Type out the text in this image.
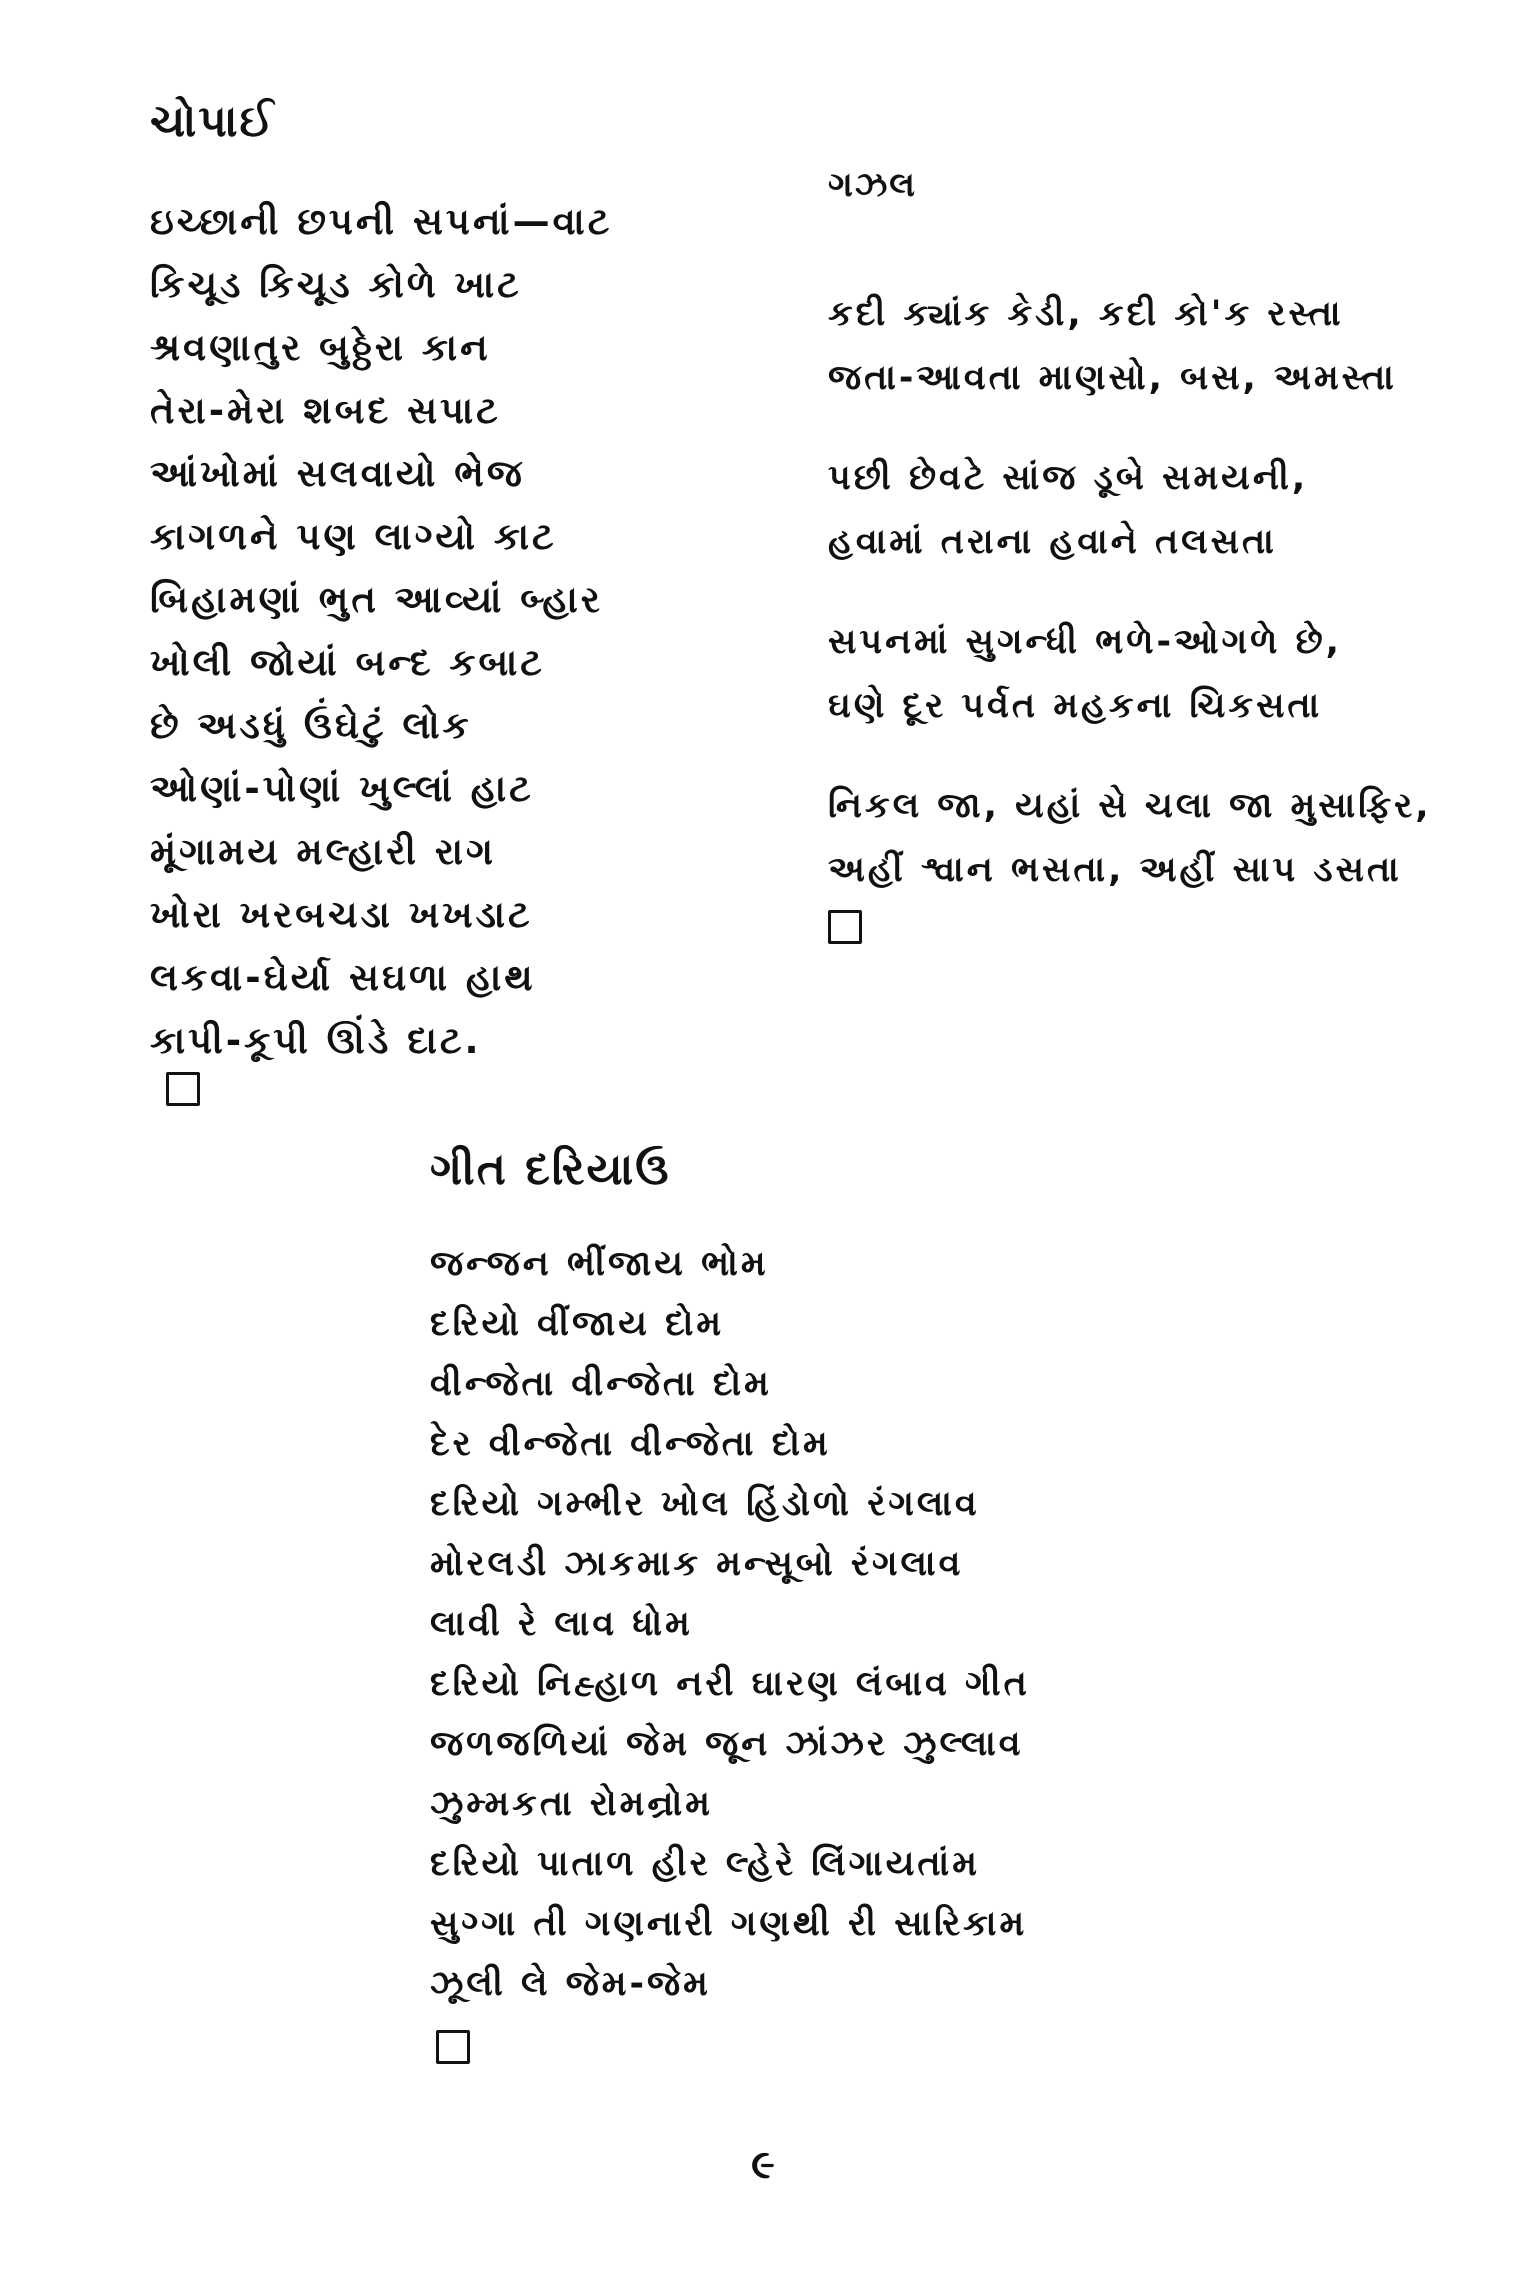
ચોપાઈ
ઇચ્છાની છપની સપનાં—વાટ
કિચૂડ કિચૂડ કોળે ખાટ
શ્રવણાતુર બુઠ્ઠેરા કાન
તેરા-મેરા શબદ સપાટ
આંખોમાં સલવાયો ભેજ
કાગળને પણ લાગ્યો કાટ
બિહામણાં ભુત આવ્યાં બ્હાર
ખોલી જોયાં બન્દ કબાટ
છે અડધું ઉંઘેટું લોક
ઓણાં-પોણાં ખુલ્લાં હાટ
મૂંગામય મલ્હારી રાગ
ખોરા ખરબચડા ખખડાટ
લકવા-ઘેર્યા સઘળા હાથ
કાપી-કૂપી ઊંડે દાટ.
ગઝલ
કદી ક્યાંક કેડી, કદી કો'ક રસ્તા
જતા-આવતા માણસો, બસ, અમસ્તા
પછી છેવટે સાંજ ડૂબે સમયની,
હવામાં તરાના હવાને તલસતા
સપનમાં સુગન્ધી ભળે-ઓગળે છે,
ઘણે દૂર પર્વત મહકના ચિકસતા
નિકલ જા, યહાં સે ચલા જા મુસાફિર,
અહીં શ્વાન ભસતા, અહીં સાપ ડસતા
ગીત દરિયાઉ
જન્જન ભીંજાય ભોમ
દરિયો વીંજાય દોમ
વીન્જેતા વીન્જેતા દોમ
દેર વીન્જેતા વીન્જેતા દોમ
દરિયો ગમ્ભીર ખોલ હિંડોળો રંગલાવ
મોરલડી ઝાકમાક મન્સૂબો રંગલાવ
લાવી રે લાવ ધોમ
દરિયો નિહ્હાળ નરી ઘારણ લંબાવ ગીત
જળજળિયાં જેમ જૂન ઝાંઝર ઝુલ્લાવ
ઝુમ્મકતા રોમન્રોમ
દરિયો પાતાળ હીર લ્હેરે લિંગાયતાંમ
સુગ્ગા તી ગણનારી ગણથી રી સારિકામ
ઝૂલી લે જેમ-જેમ
૯
